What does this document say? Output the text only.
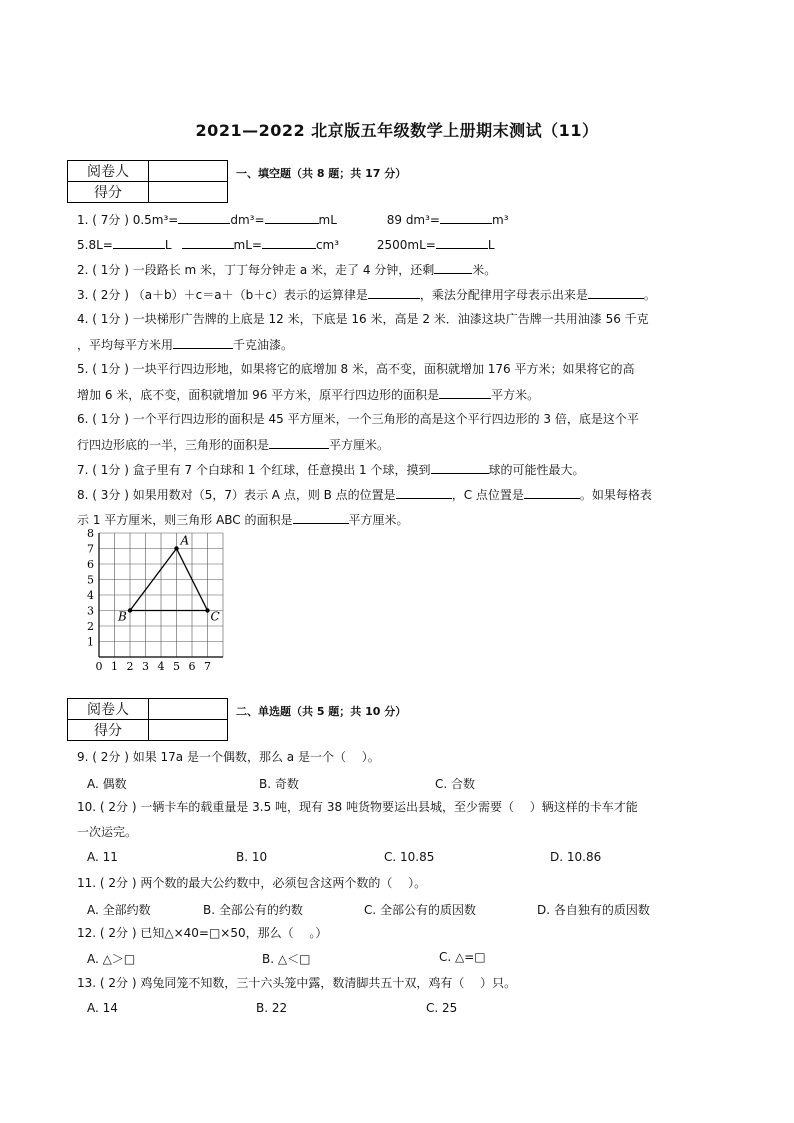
2021—2022 北京版五年级数学上册期末测试（11）
阅卷人	
得分	
一、填空题（共 8 题；共 17 分）
1. ( 7分 ) 0.5m³=	dm³=	mL	89 dm³=	m³
5.8L=	L	mL=	cm³	2500mL=	L
2. ( 1分 ) 一段路长 m 米，丁丁每分钟走 a 米，走了 4 分钟，还剩	米。
3. ( 2分 ) （a＋b）＋c＝a＋（b＋c）表示的运算律是	，乘法分配律用字母表示出来是	。
4. ( 1分 ) 一块梯形广告牌的上底是 12 米，下底是 16 米，高是 2 米．油漆这块广告牌一共用油漆 56 千克
，平均每平方米用	千克油漆。
5. ( 1分 ) 一块平行四边形地，如果将它的底增加 8 米，高不变，面积就增加 176 平方米；如果将它的高
增加 6 米，底不变，面积就增加 96 平方米，原平行四边形的面积是	平方米。
6. ( 1分 ) 一个平行四边形的面积是 45 平方厘米，一个三角形的高是这个平行四边形的 3 倍，底是这个平
行四边形底的一半，三角形的面积是	平方厘米。
7. ( 1分 ) 盒子里有 7 个白球和 1 个红球，任意摸出 1 个球，摸到	球的可能性最大。
8. ( 3分 ) 如果用数对（5，7）表示 A 点，则 B 点的位置是	，C 点位置是	。如果每格表
示 1 平方厘米，则三角形 ABC 的面积是	平方厘米。
0 1 2 3 4 5 6 7
1
2
3
4
5
6
7
8	A
B	C
阅卷人	
得分	
二、单选题（共 5 题；共 10 分）
9. ( 2分 ) 如果 17a 是一个偶数，那么 a 是一个（　 ）。
A. 偶数	B. 奇数	C. 合数
10. ( 2分 ) 一辆卡车的载重量是 3.5 吨，现有 38 吨货物要运出县城，至少需要（　 ）辆这样的卡车才能
一次运完。
A. 11	B. 10	C. 10.85	D. 10.86
11. ( 2分 ) 两个数的最大公约数中，必须包含这两个数的（　 ）。
A. 全部约数	B. 全部公有的约数	C. 全部公有的质因数	D. 各自独有的质因数
12. ( 2分 ) 已知△×40=□×50，那么（　 。）
A. △＞□	B. △＜□	C. △=□
13. ( 2分 ) 鸡兔同笼不知数，三十六头笼中露，数清脚共五十双，鸡有（　 ）只。
A. 14	B. 22	C. 25
